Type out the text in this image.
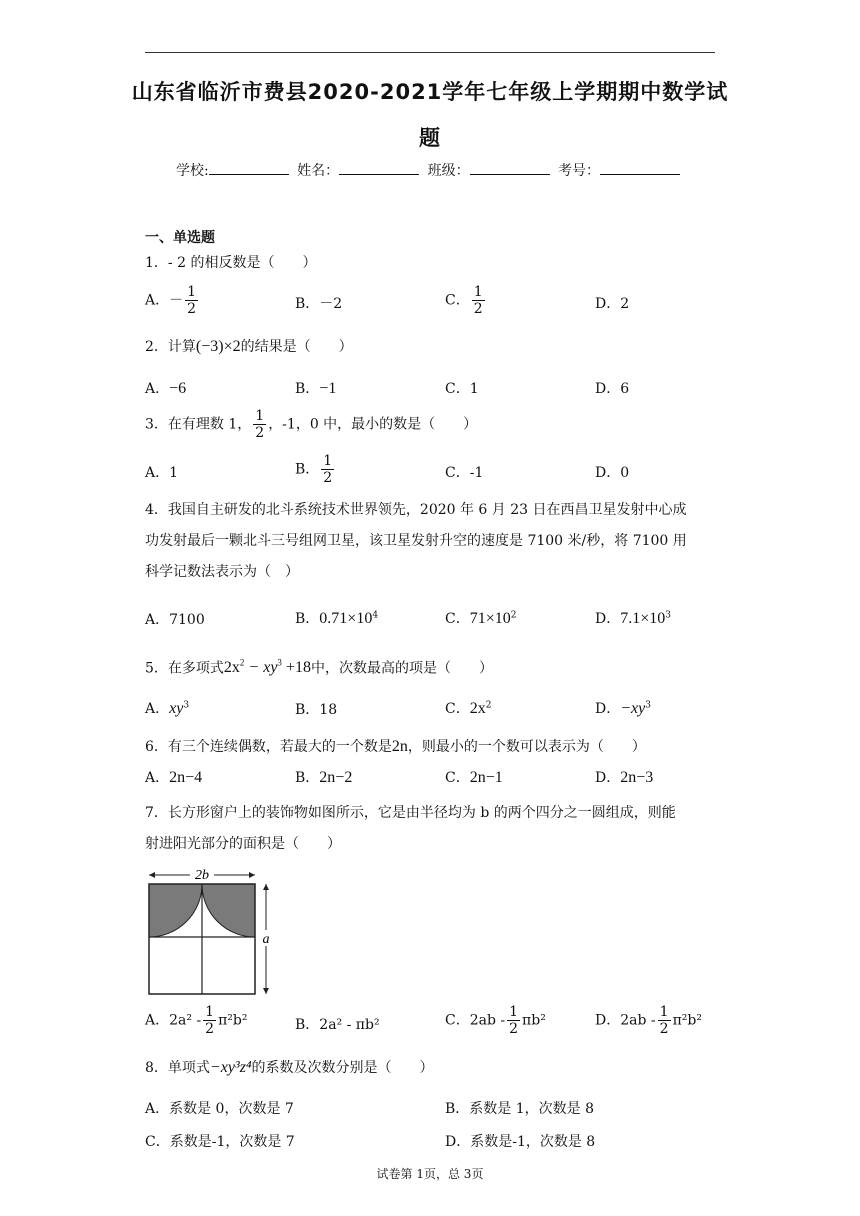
山东省临沂市费县2020-2021学年七年级上学期期中数学试
题
学校:	姓名：	班级：	考号：
一、单选题
1．- 2 的相反数是（　　）
A．－ $\frac{1}{2}$	B．－2	C． $\frac{1}{2}$	D．2
2．计算(−3)×2的结果是（　　）
A．−6	B．−1	C．1	D．6
3．在有理数 1， $\frac{1}{2}$ ，-1，0 中，最小的数是（　　）
A．1	B． $\frac{1}{2}$	C．-1	D．0
4．我国自主研发的北斗系统技术世界领先，2020 年 6 月 23 日在西昌卫星发射中心成
功发射最后一颗北斗三号组网卫星，该卫星发射升空的速度是 7100 米/秒，将 7100 用
科学记数法表示为（　）
A．7100	B．$0.71\times 10^4$	C．$71\times 10^2$	D．$7.1\times 10^3$
5．在多项式$2x^2 - xy^3 +18$中，次数最高的项是（　　）
A．$xy^3$	B．18	C．$2x^2$	D．$-xy^3$
6．有三个连续偶数，若最大的一个数是2n，则最小的一个数可以表示为（　　）
A．2n−4	B．2n−2	C．2n−1	D．2n−3
7．长方形窗户上的装饰物如图所示，它是由半径均为 b 的两个四分之一圆组成，则能
射进阳光部分的面积是（　　）
2b
a
A．$2a^2 - \frac{1}{2} \pi^2b^2$	B．2a² - πb²	C．$2ab - \frac{1}{2} \pi b^2$	D．$2ab - \frac{1}{2} \pi^2b^2$
8．单项式−xy³z⁴的系数及次数分别是（　　）
A．系数是 0，次数是 7	B．系数是 1，次数是 8
C．系数是-1，次数是 7	D．系数是-1，次数是 8
试卷第 1页，总 3页
